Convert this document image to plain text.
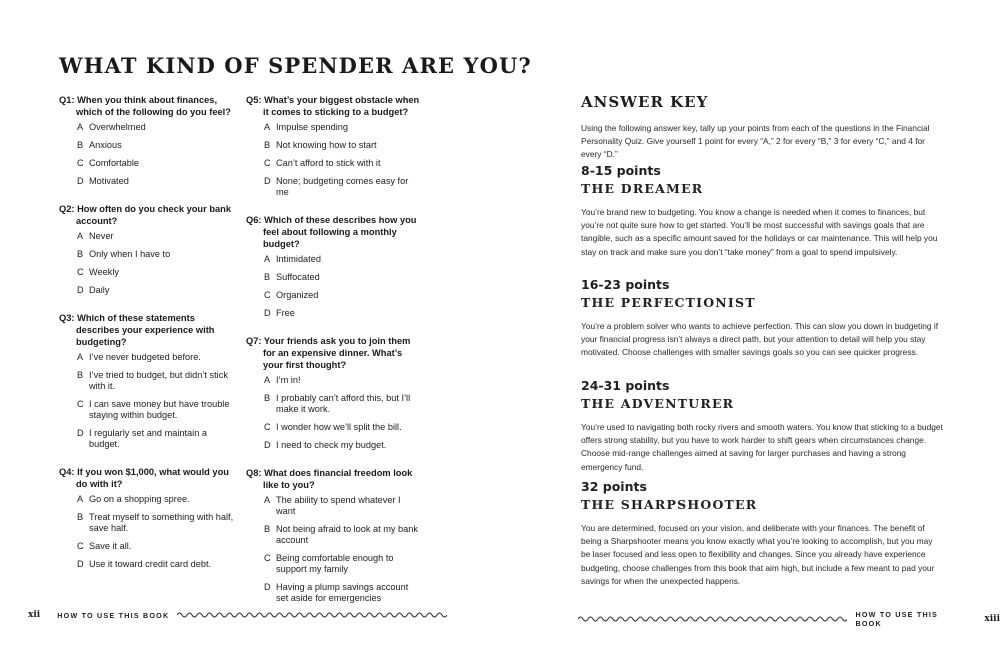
WHAT KIND OF SPENDER ARE YOU?
Q1: When you think about finances, which of the following do you feel?
A Overwhelmed
B Anxious
C Comfortable
D Motivated
Q2: How often do you check your bank account?
A Never
B Only when I have to
C Weekly
D Daily
Q3: Which of these statements describes your experience with budgeting?
A I’ve never budgeted before.
B I’ve tried to budget, but didn’t stick with it.
C I can save money but have trouble staying within budget.
D I regularly set and maintain a budget.
Q4: If you won $1,000, what would you do with it?
A Go on a shopping spree.
B Treat myself to something with half, save half.
C Save it all.
D Use it toward credit card debt.
Q5: What’s your biggest obstacle when it comes to sticking to a budget?
A Impulse spending
B Not knowing how to start
C Can’t afford to stick with it
D None; budgeting comes easy for me
Q6: Which of these describes how you feel about following a monthly budget?
A Intimidated
B Suffocated
C Organized
D Free
Q7: Your friends ask you to join them for an expensive dinner. What’s your first thought?
A I’m in!
B I probably can’t afford this, but I’ll make it work.
C I wonder how we’ll split the bill.
D I need to check my budget.
Q8: What does financial freedom look like to you?
A The ability to spend whatever I want
B Not being afraid to look at my bank account
C Being comfortable enough to support my family
D Having a plump savings account set aside for emergencies
ANSWER KEY

Using the following answer key, tally up your points from each of the questions in the Financial Personality Quiz. Give yourself 1 point for every “A,” 2 for every “B,” 3 for every “C,” and 4 for every “D.”

8-15 points
THE DREAMER

You’re brand new to budgeting. You know a change is needed when it comes to finances, but you’re not quite sure how to get started. You’ll be most successful with savings goals that are tangible, such as a specific amount saved for the holidays or car maintenance. This will help you stay on track and make sure you don’t “take money” from a goal to spend impulsively.

16-23 points
THE PERFECTIONIST

You’re a problem solver who wants to achieve perfection. This can slow you down in budgeting if your financial progress isn’t always a direct path, but your attention to detail will help you stay motivated. Choose challenges with smaller savings goals so you can see quicker progress.

24-31 points
THE ADVENTURER

You’re used to navigating both rocky rivers and smooth waters. You know that sticking to a budget offers strong stability, but you have to work harder to shift gears when circumstances change. Choose mid-range challenges aimed at saving for larger purchases and having a strong emergency fund.

32 points
THE SHARPSHOOTER

You are determined, focused on your vision, and deliberate with your finances. The benefit of being a Sharpshooter means you know exactly what you’re looking to accomplish, but you may be laser focused and less open to flexibility and changes. Since you already have experience budgeting, choose challenges from this book that aim high, but include a few meant to pad your savings for when the unexpected happens.

xii HOW TO USE THIS BOOK	HOW TO USE THIS BOOK	xiii
